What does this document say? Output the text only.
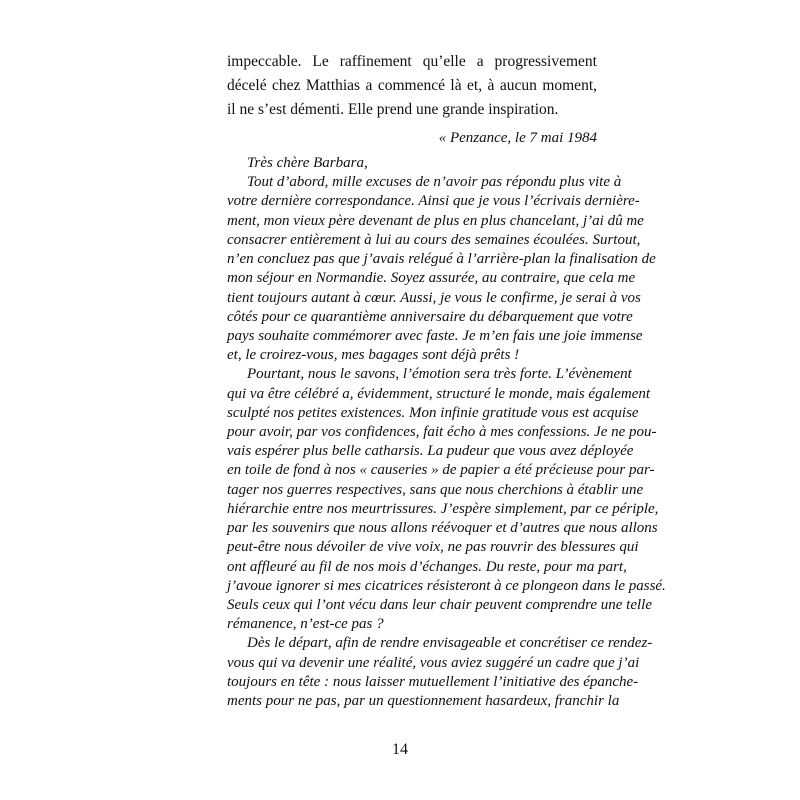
impeccable. Le raffinement qu’elle a progressivement
décelé chez Matthias a commencé là et, à aucun moment,
il ne s’est démenti. Elle prend une grande inspiration.
« Penzance, le 7 mai 1984
Très chère Barbara,
Tout d’abord, mille excuses de n’avoir pas répondu plus vite à
votre dernière correspondance. Ainsi que je vous l’écrivais dernière-
ment, mon vieux père devenant de plus en plus chancelant, j’ai dû me
consacrer entièrement à lui au cours des semaines écoulées. Surtout,
n’en concluez pas que j’avais relégué à l’arrière-plan la finalisation de
mon séjour en Normandie. Soyez assurée, au contraire, que cela me
tient toujours autant à cœur. Aussi, je vous le confirme, je serai à vos
côtés pour ce quarantième anniversaire du débarquement que votre
pays souhaite commémorer avec faste. Je m’en fais une joie immense
et, le croirez-vous, mes bagages sont déjà prêts !
Pourtant, nous le savons, l’émotion sera très forte. L’évènement
qui va être célébré a, évidemment, structuré le monde, mais également
sculpté nos petites existences. Mon infinie gratitude vous est acquise
pour avoir, par vos confidences, fait écho à mes confessions. Je ne pou-
vais espérer plus belle catharsis. La pudeur que vous avez déployée
en toile de fond à nos « causeries » de papier a été précieuse pour par-
tager nos guerres respectives, sans que nous cherchions à établir une
hiérarchie entre nos meurtrissures. J’espère simplement, par ce périple,
par les souvenirs que nous allons réévoquer et d’autres que nous allons
peut-être nous dévoiler de vive voix, ne pas rouvrir des blessures qui
ont affleuré au fil de nos mois d’échanges. Du reste, pour ma part,
j’avoue ignorer si mes cicatrices résisteront à ce plongeon dans le passé.
Seuls ceux qui l’ont vécu dans leur chair peuvent comprendre une telle
rémanence, n’est-ce pas ?
Dès le départ, afin de rendre envisageable et concrétiser ce rendez-
vous qui va devenir une réalité, vous aviez suggéré un cadre que j’ai
toujours en tête : nous laisser mutuellement l’initiative des épanche-
ments pour ne pas, par un questionnement hasardeux, franchir la
14
